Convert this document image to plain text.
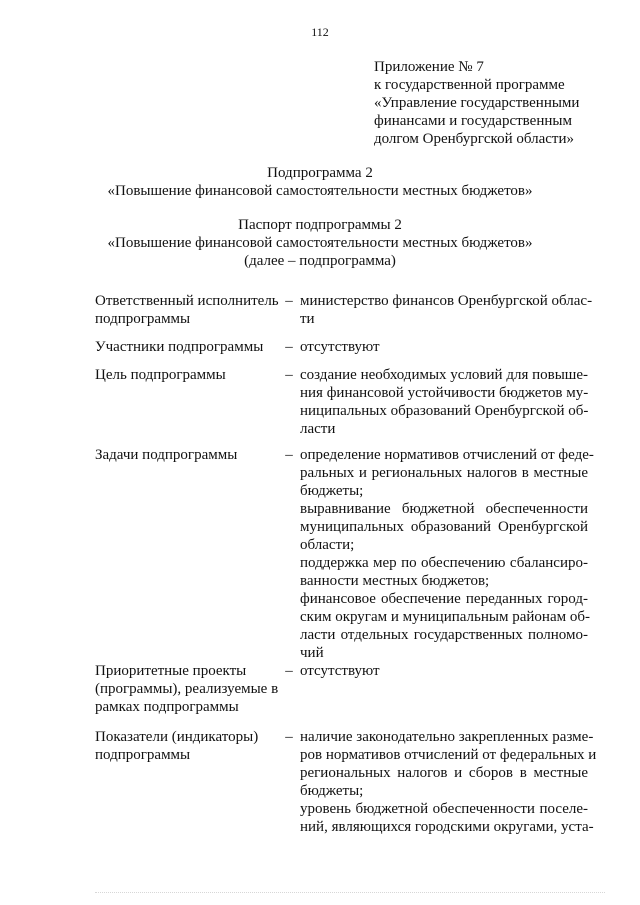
112
Приложение № 7
к государственной программе
«Управление государственными
финансами и государственным
долгом Оренбургской области»
Подпрограмма 2
«Повышение финансовой самостоятельности местных бюджетов»
Паспорт подпрограммы 2
«Повышение финансовой самостоятельности местных бюджетов»
(далее – подпрограмма)
Ответственный исполнитель
подпрограммы
– министерство финансов Оренбургской облас-
ти
Участники подпрограммы	– отсутствуют
Цель подпрограммы	– создание необходимых условий для повыше-
ния финансовой устойчивости бюджетов му-
ниципальных образований Оренбургской об-
ласти
Задачи подпрограммы	– определение нормативов отчислений от феде-
ральных и региональных налогов в местные
бюджеты;
выравнивание бюджетной обеспеченности
муниципальных образований Оренбургской
области;
поддержка мер по обеспечению сбалансиро-
ванности местных бюджетов;
финансовое обеспечение переданных город-
ским округам и муниципальным районам об-
ласти отдельных государственных полномо-
чий
Приоритетные проекты
(программы), реализуемые в
рамках подпрограммы
– отсутствуют
Показатели (индикаторы)
подпрограммы
– наличие законодательно закрепленных разме-
ров нормативов отчислений от федеральных и
региональных налогов и сборов в местные
бюджеты;
уровень бюджетной обеспеченности поселе-
ний, являющихся городскими округами, уста-
